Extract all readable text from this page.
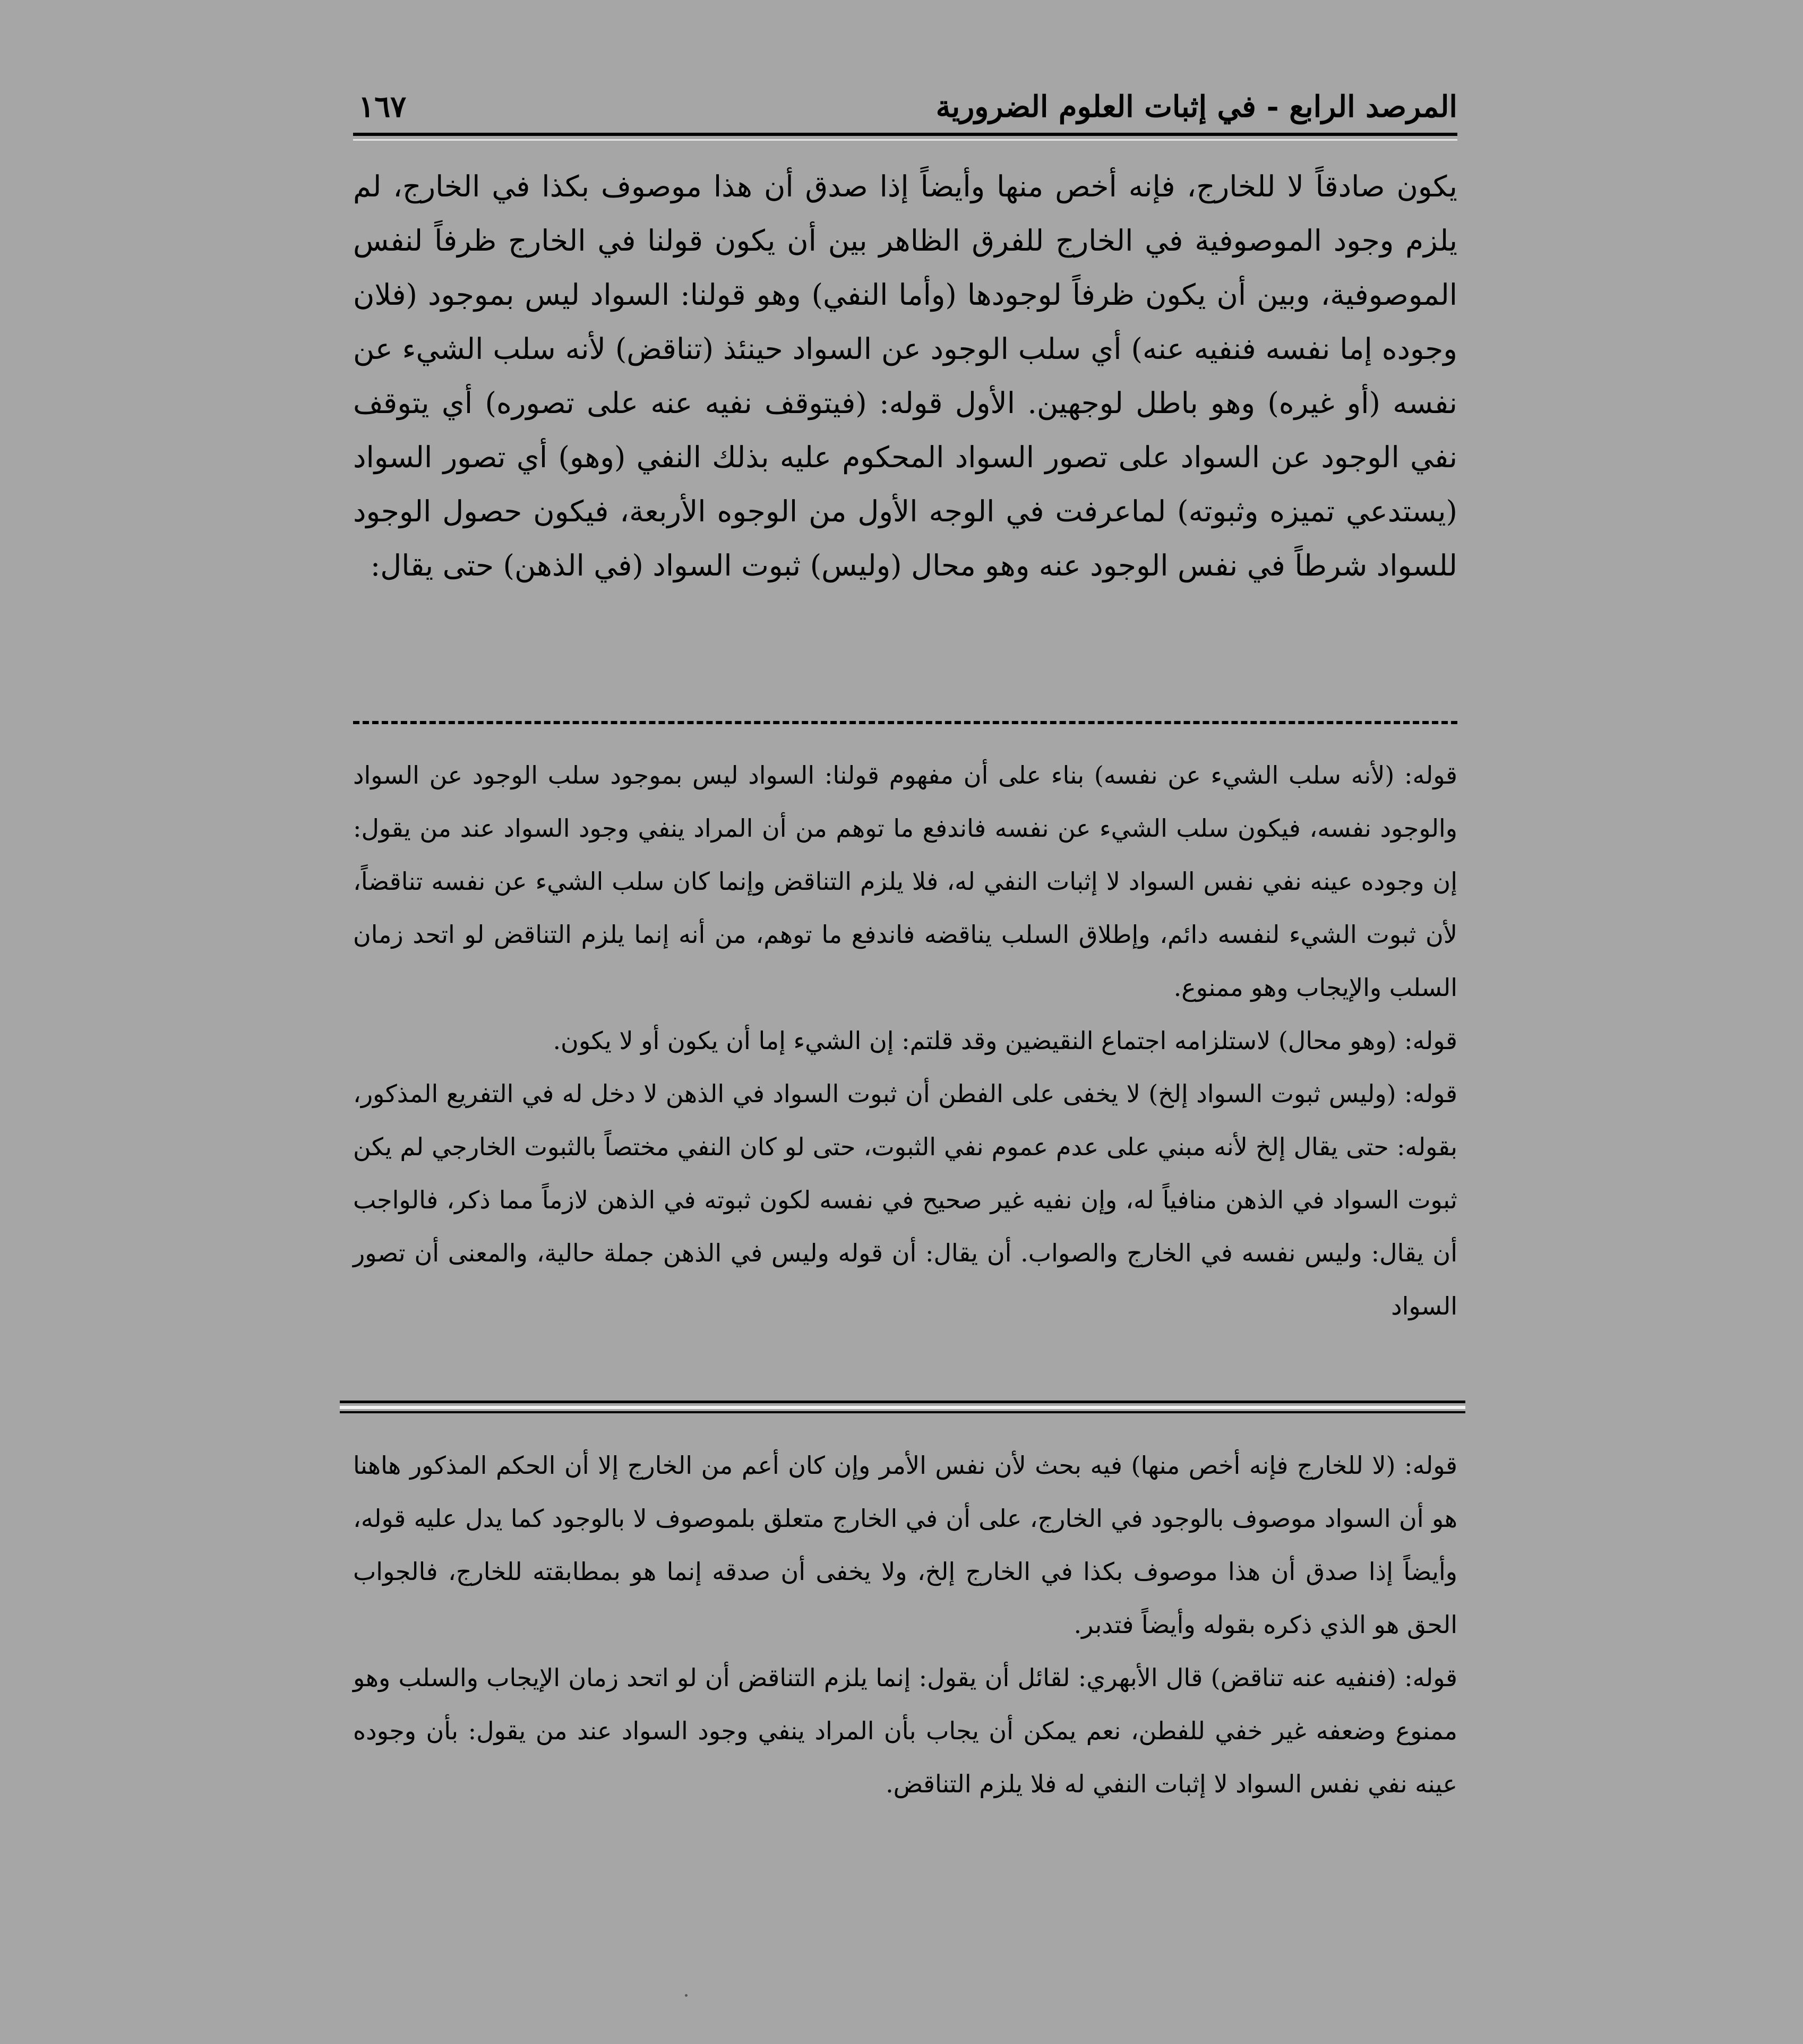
المرصد الرابع - في إثبات العلوم الضرورية
١٦٧

يكون صادقاً لا للخارج، فإنه أخص منها وأيضاً إذا صدق أن هذا موصوف بكذا في الخارج، لم يلزم وجود الموصوفية في الخارج للفرق الظاهر بين أن يكون قولنا في الخارج ظرفاً لنفس الموصوفية، وبين أن يكون ظرفاً لوجودها (وأما النفي) وهو قولنا: السواد ليس بموجود (فلان وجوده إما نفسه فنفيه عنه) أي سلب الوجود عن السواد حينئذ (تناقض) لأنه سلب الشيء عن نفسه (أو غيره) وهو باطل لوجهين. الأول قوله: (فيتوقف نفيه عنه على تصوره) أي يتوقف نفي الوجود عن السواد على تصور السواد المحكوم عليه بذلك النفي (وهو) أي تصور السواد (يستدعي تميزه وثبوته) لماعرفت في الوجه الأول من الوجوه الأربعة، فيكون حصول الوجود للسواد شرطاً في نفس الوجود عنه وهو محال (وليس) ثبوت السواد (في الذهن) حتى يقال:

قوله: (لأنه سلب الشيء عن نفسه) بناء على أن مفهوم قولنا: السواد ليس بموجود سلب الوجود عن السواد والوجود نفسه، فيكون سلب الشيء عن نفسه فاندفع ما توهم من أن المراد ينفي وجود السواد عند من يقول: إن وجوده عينه نفي نفس السواد لا إثبات النفي له، فلا يلزم التناقض وإنما كان سلب الشيء عن نفسه تناقضاً، لأن ثبوت الشيء لنفسه دائم، وإطلاق السلب يناقضه فاندفع ما توهم، من أنه إنما يلزم التناقض لو اتحد زمان السلب والإيجاب وهو ممنوع.

قوله: (وهو محال) لاستلزامه اجتماع النقيضين وقد قلتم: إن الشيء إما أن يكون أو لا يكون.

قوله: (وليس ثبوت السواد إلخ) لا يخفى على الفطن أن ثبوت السواد في الذهن لا دخل له في التفريع المذكور، بقوله: حتى يقال إلخ لأنه مبني على عدم عموم نفي الثبوت، حتى لو كان النفي مختصاً بالثبوت الخارجي لم يكن ثبوت السواد في الذهن منافياً له، وإن نفيه غير صحيح في نفسه لكون ثبوته في الذهن لازماً مما ذكر، فالواجب أن يقال: وليس نفسه في الخارج والصواب. أن يقال: أن قوله وليس في الذهن جملة حالية، والمعنى أن تصور السواد

قوله: (لا للخارج فإنه أخص منها) فيه بحث لأن نفس الأمر وإن كان أعم من الخارج إلا أن الحكم المذكور هاهنا هو أن السواد موصوف بالوجود في الخارج، على أن في الخارج متعلق بلموصوف لا بالوجود كما يدل عليه قوله، وأيضاً إذا صدق أن هذا موصوف بكذا في الخارج إلخ، ولا يخفى أن صدقه إنما هو بمطابقته للخارج، فالجواب الحق هو الذي ذكره بقوله وأيضاً فتدبر.

قوله: (فنفيه عنه تناقض) قال الأبهري: لقائل أن يقول: إنما يلزم التناقض أن لو اتحد زمان الإيجاب والسلب وهو ممنوع وضعفه غير خفي للفطن، نعم يمكن أن يجاب بأن المراد ينفي وجود السواد عند من يقول: بأن وجوده عينه نفي نفس السواد لا إثبات النفي له فلا يلزم التناقض.
